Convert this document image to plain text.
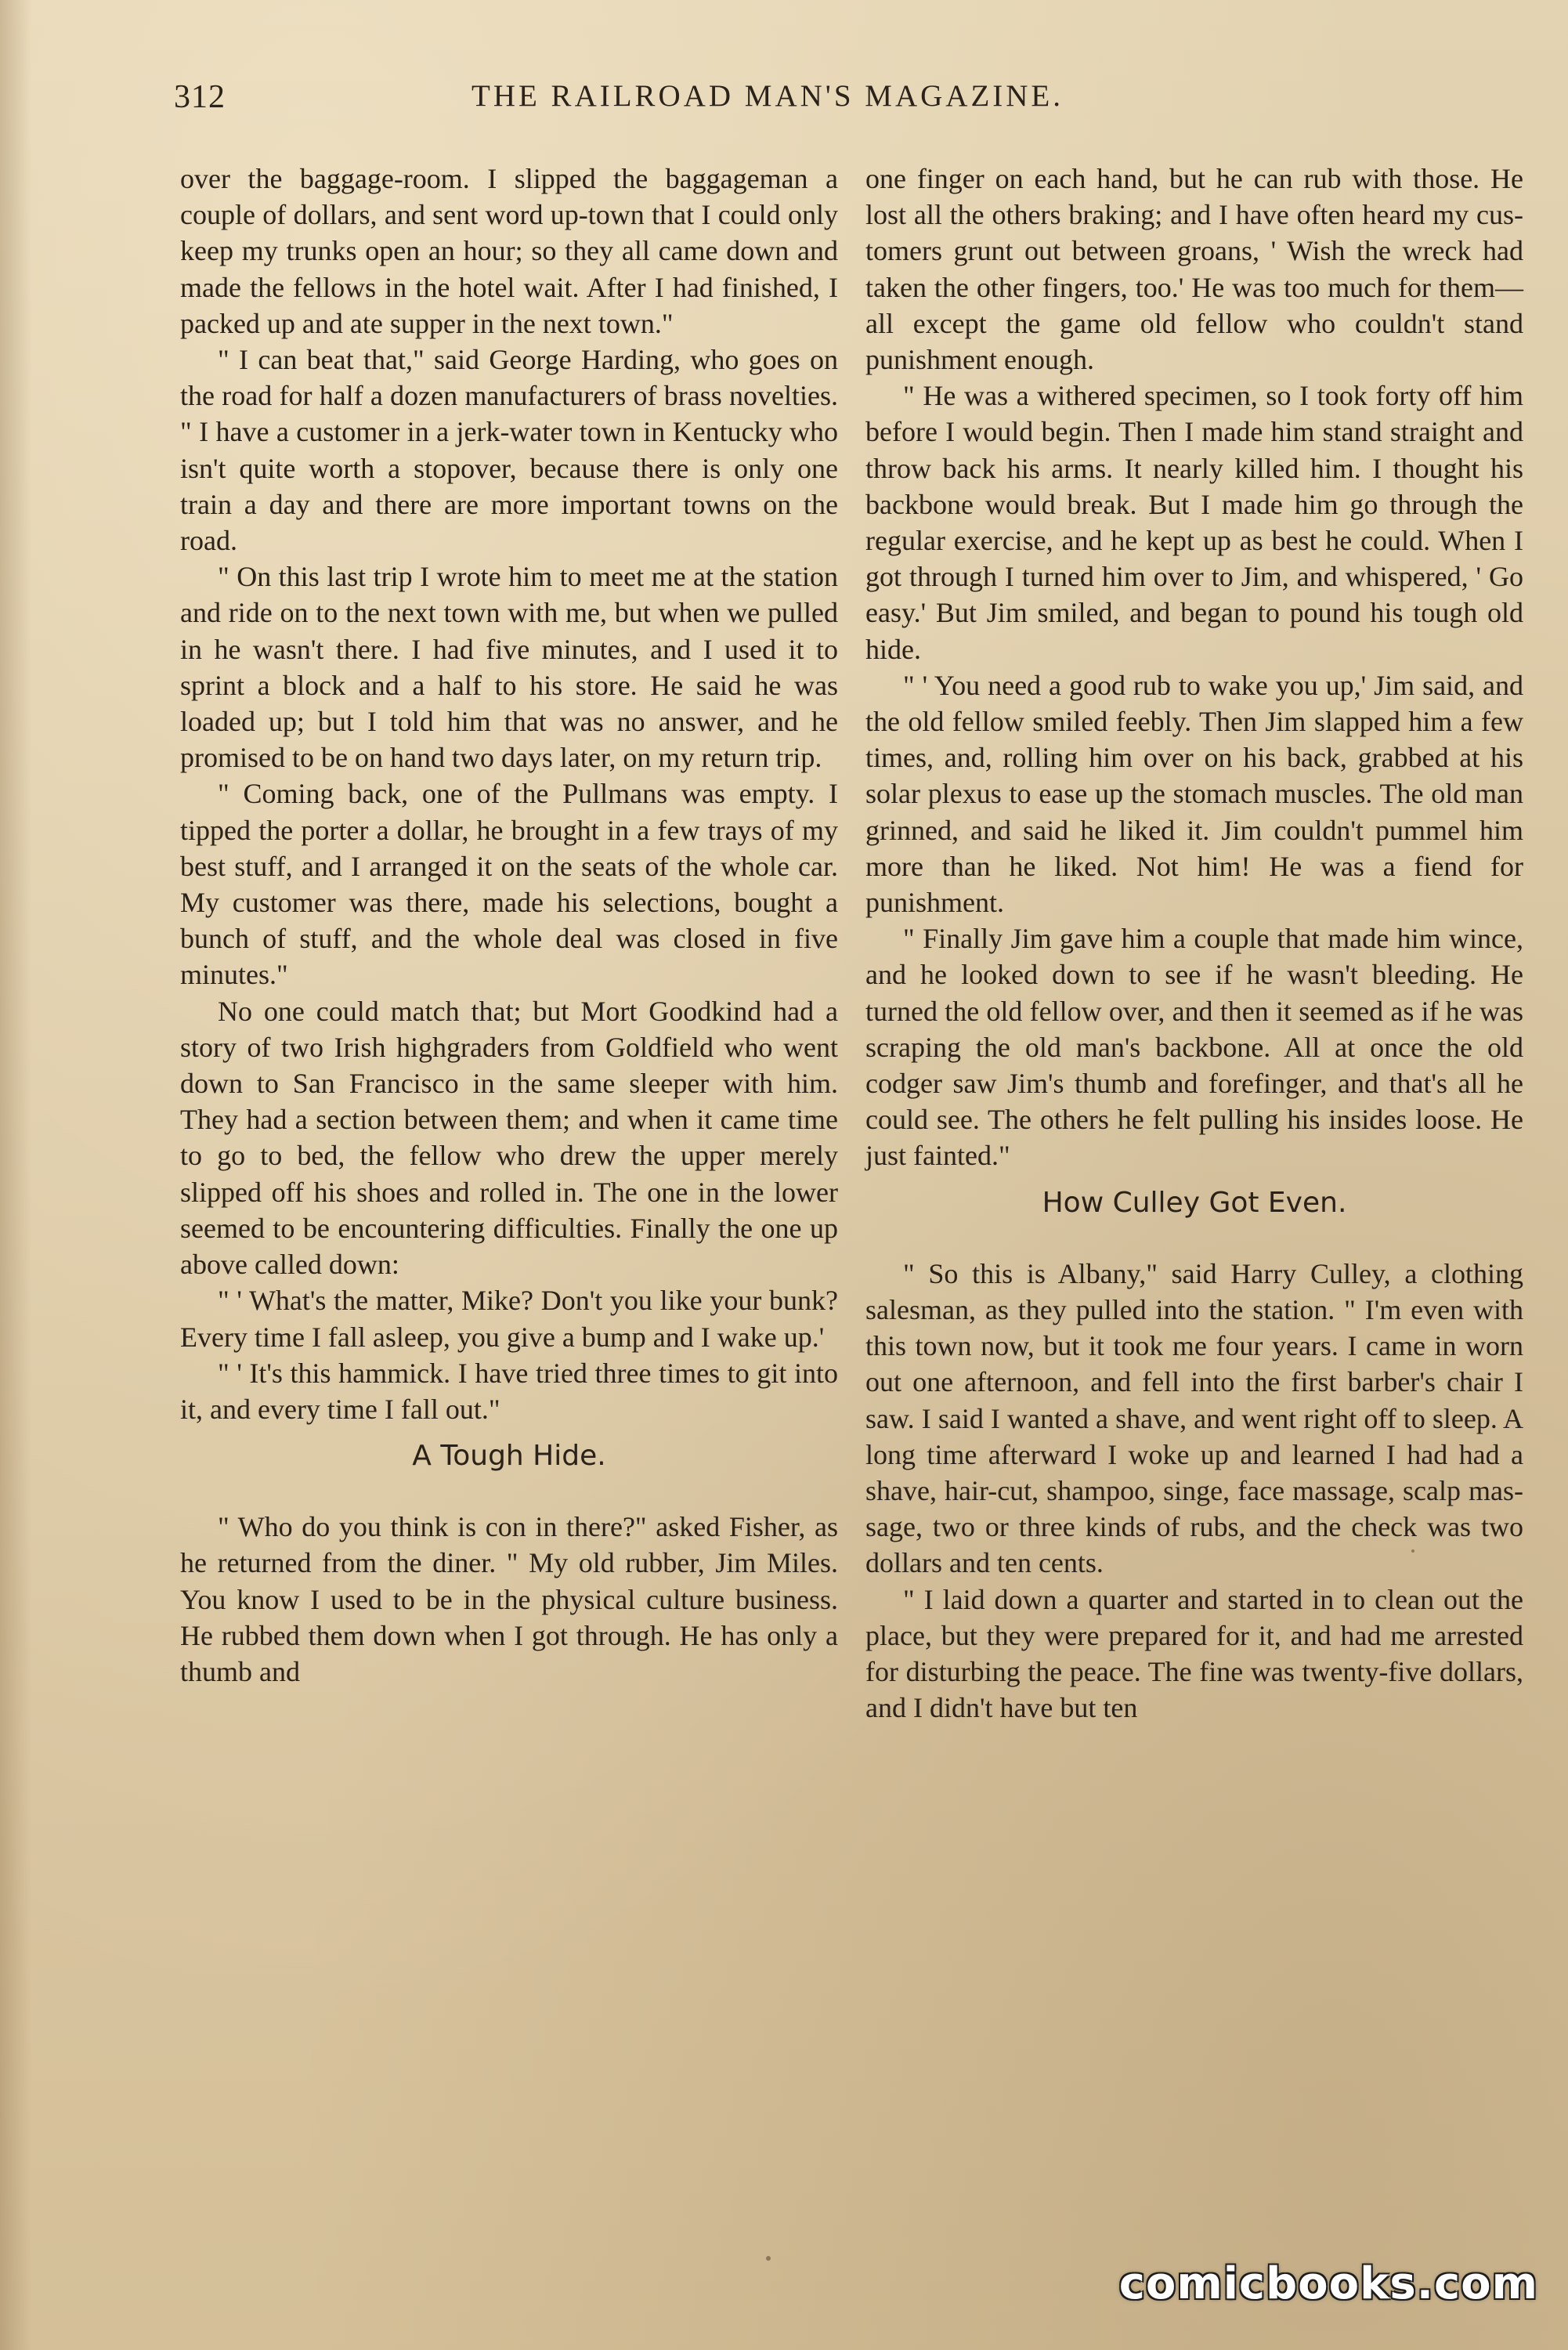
312	THE RAILROAD MAN'S MAGAZINE.

over the baggage-room. I slipped the baggageman a couple of dollars, and sent word up-town that I could only keep my trunks open an hour; so they all came down and made the fellows in the hotel wait. After I had finished, I packed up and ate supper in the next town."

" I can beat that," said George Harding, who goes on the road for half a dozen manufacturers of brass novelties. " I have a customer in a jerk-water town in Kentucky who isn't quite worth a stopover, because there is only one train a day and there are more important towns on the road.

" On this last trip I wrote him to meet me at the station and ride on to the next town with me, but when we pulled in he wasn't there. I had five minutes, and I used it to sprint a block and a half to his store. He said he was loaded up; but I told him that was no answer, and he promised to be on hand two days later, on my return trip.

" Coming back, one of the Pullmans was empty. I tipped the porter a dollar, he brought in a few trays of my best stuff, and I arranged it on the seats of the whole car. My customer was there, made his selections, bought a bunch of stuff, and the whole deal was closed in five minutes."

No one could match that; but Mort Goodkind had a story of two Irish highgraders from Goldfield who went down to San Francisco in the same sleeper with him. They had a section between them; and when it came time to go to bed, the fellow who drew the upper merely slipped off his shoes and rolled in. The one in the lower seemed to be encountering difficulties. Finally the one up above called down:

" ' What's the matter, Mike? Don't you like your bunk? Every time I fall asleep, you give a bump and I wake up.'

" ' It's this hammick. I have tried three times to git into it, and every time I fall out."

A Tough Hide.

" Who do you think is con in there?" asked Fisher, as he returned from the diner. " My old rubber, Jim Miles. You know I used to be in the physical culture business. He rubbed them down when I got through. He has only a thumb and

one finger on each hand, but he can rub with those. He lost all the others braking; and I have often heard my customers grunt out between groans, ' Wish the wreck had taken the other fingers, too.' He was too much for them—all except the game old fellow who couldn't stand punishment enough.

" He was a withered specimen, so I took forty off him before I would begin. Then I made him stand straight and throw back his arms. It nearly killed him. I thought his backbone would break. But I made him go through the regular exercise, and he kept up as best he could. When I got through I turned him over to Jim, and whispered, ' Go easy.' But Jim smiled, and began to pound his tough old hide.

" ' You need a good rub to wake you up,' Jim said, and the old fellow smiled feebly. Then Jim slapped him a few times, and, rolling him over on his back, grabbed at his solar plexus to ease up the stomach muscles. The old man grinned, and said he liked it. Jim couldn't pummel him more than he liked. Not him! He was a fiend for punishment.

" Finally Jim gave him a couple that made him wince, and he looked down to see if he wasn't bleeding. He turned the old fellow over, and then it seemed as if he was scraping the old man's backbone. All at once the old codger saw Jim's thumb and forefinger, and that's all he could see. The others he felt pulling his insides loose. He just fainted."

How Culley Got Even.

" So this is Albany," said Harry Culley, a clothing salesman, as they pulled into the station. " I'm even with this town now, but it took me four years. I came in worn out one afternoon, and fell into the first barber's chair I saw. I said I wanted a shave, and went right off to sleep. A long time afterward I woke up and learned I had had a shave, hair-cut, shampoo, singe, face massage, scalp massage, two or three kinds of rubs, and the check was two dollars and ten cents.

" I laid down a quarter and started in to clean out the place, but they were prepared for it, and had me arrested for disturbing the peace. The fine was twenty-five dollars, and I didn't have but ten

comicbooks.com
